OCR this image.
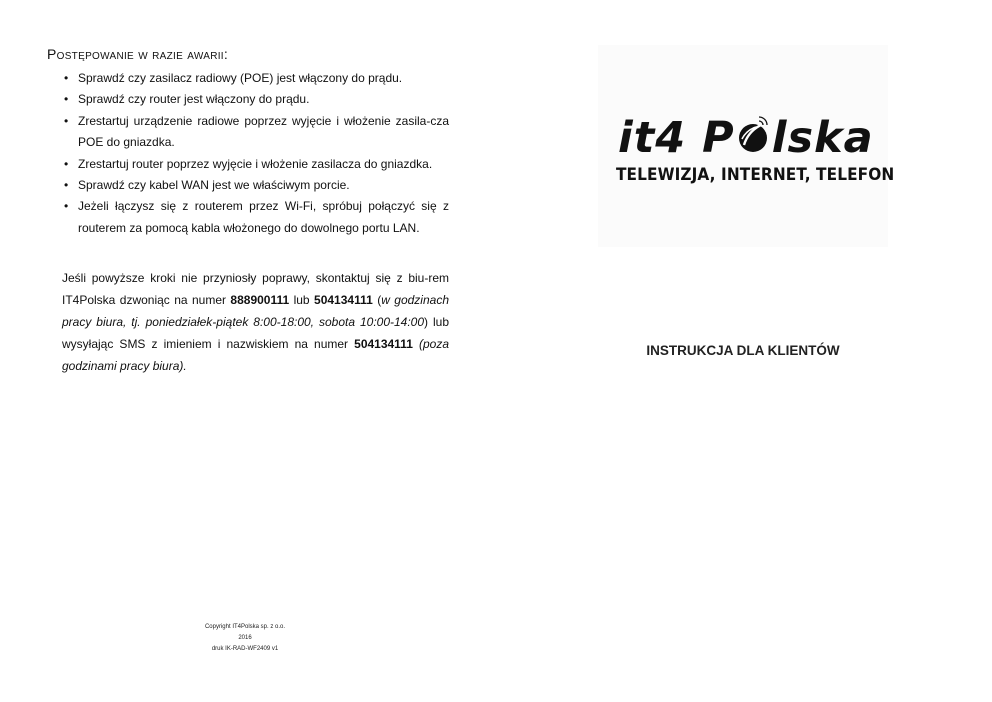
Postępowanie w razie awarii:
• Sprawdź czy zasilacz radiowy (POE) jest włączony do prądu.
• Sprawdź czy router jest włączony do prądu.
• Zrestartuj urządzenie radiowe poprzez wyjęcie i włożenie zasila-cza POE do gniazdka.
• Zrestartuj router poprzez wyjęcie i włożenie zasilacza do gniazdka.
• Sprawdź czy kabel WAN jest we właściwym porcie.
• Jeżeli łączysz się z routerem przez Wi-Fi, spróbuj połączyć się z routerem za pomocą kabla włożonego do dowolnego portu LAN.

Jeśli powyższe kroki nie przyniosły poprawy, skontaktuj się z biu-rem IT4Polska dzwoniąc na numer 888900111 lub 504134111 (w godzinach pracy biura, tj. poniedziałek-piątek 8:00-18:00, sobota 10:00-14:00) lub wysyłając SMS z imieniem i nazwiskiem na numer 504134111 (poza godzinami pracy biura).

Copyright IT4Polska sp. z o.o.
2016
druk IK-RAD-WF2409 v1
it4 P lska
TELEWIZJA, INTERNET, TELEFON
INSTRUKCJA DLA KLIENTÓW
